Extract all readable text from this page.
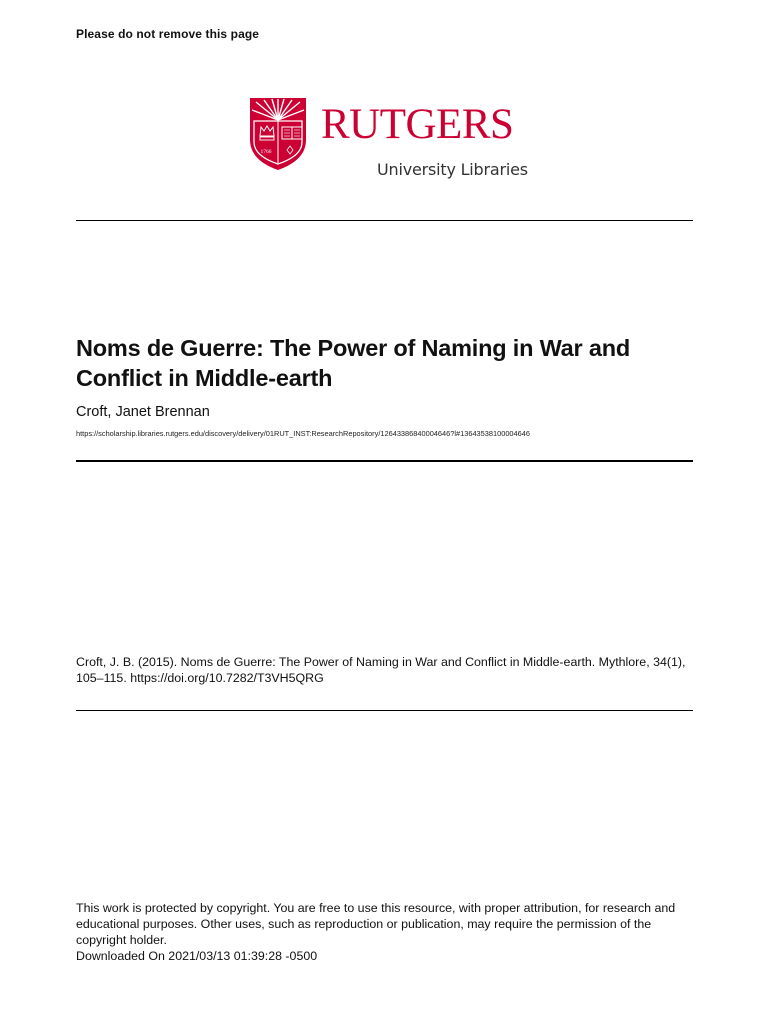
Please do not remove this page
1766
RUTGERS
University Libraries
Noms de Guerre: The Power of Naming in War and Conflict in Middle-earth
Croft, Janet Brennan
https://scholarship.libraries.rutgers.edu/discovery/delivery/01RUT_INST:ResearchRepository/12643386840004646?l#13643538100004646
Croft, J. B. (2015). Noms de Guerre: The Power of Naming in War and Conflict in Middle-earth. Mythlore, 34(1), 105–115. https://doi.org/10.7282/T3VH5QRG

This work is protected by copyright. You are free to use this resource, with proper attribution, for research and educational purposes. Other uses, such as reproduction or publication, may require the permission of the copyright holder.

Downloaded On 2021/03/13 01:39:28 -0500
